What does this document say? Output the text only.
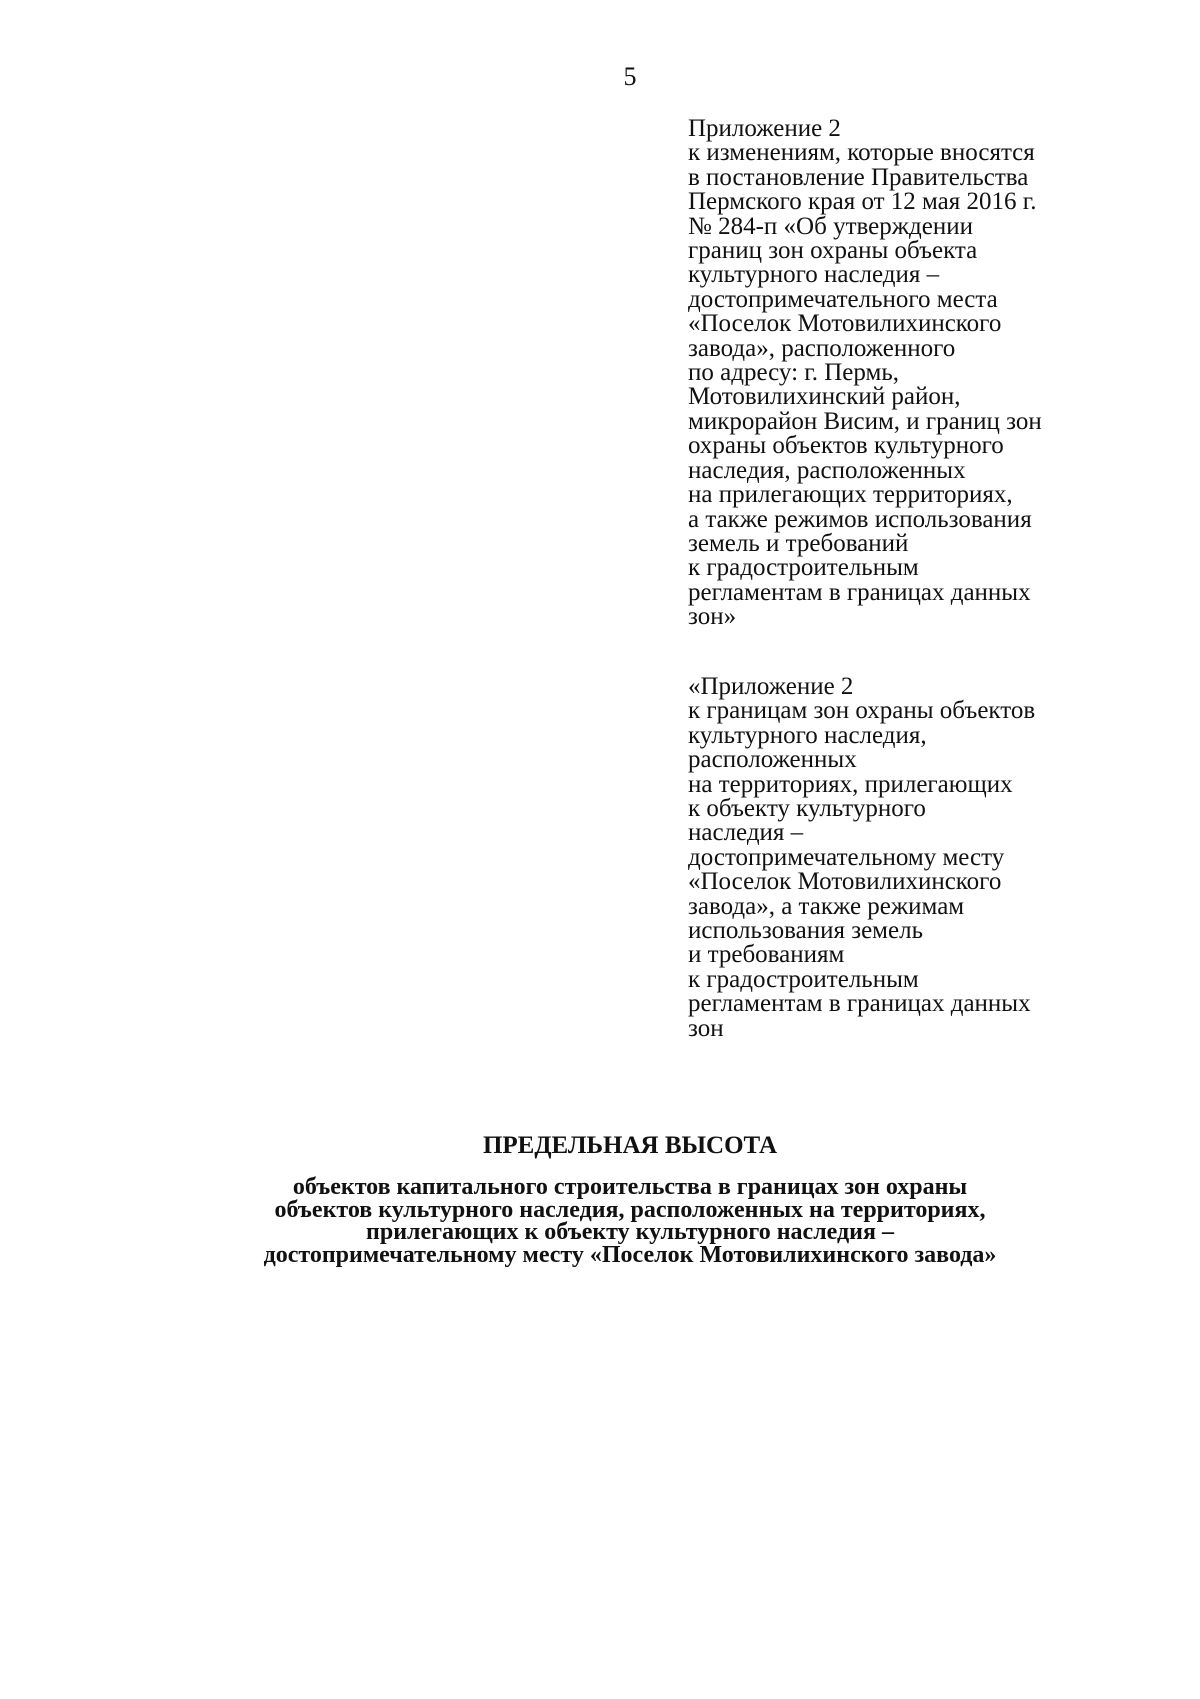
5
Приложение 2
к изменениям, которые вносятся
в постановление Правительства
Пермского края от 12 мая 2016 г.
№ 284-п «Об утверждении
границ зон охраны объекта
культурного наследия –
достопримечательного места
«Поселок Мотовилихинского
завода», расположенного
по адресу: г. Пермь,
Мотовилихинский район,
микрорайон Висим, и границ зон
охраны объектов культурного
наследия, расположенных
на прилегающих территориях,
а также режимов использования
земель и требований
к градостроительным
регламентам в границах данных
зон»
«Приложение 2
к границам зон охраны объектов
культурного наследия,
расположенных
на территориях, прилегающих
к объекту культурного
наследия –
достопримечательному месту
«Поселок Мотовилихинского
завода», а также режимам
использования земель
и требованиям
к градостроительным
регламентам в границах данных
зон
ПРЕДЕЛЬНАЯ ВЫСОТА
объектов капитального строительства в границах зон охраны
объектов культурного наследия, расположенных на территориях,
прилегающих к объекту культурного наследия –
достопримечательному месту «Поселок Мотовилихинского завода»
